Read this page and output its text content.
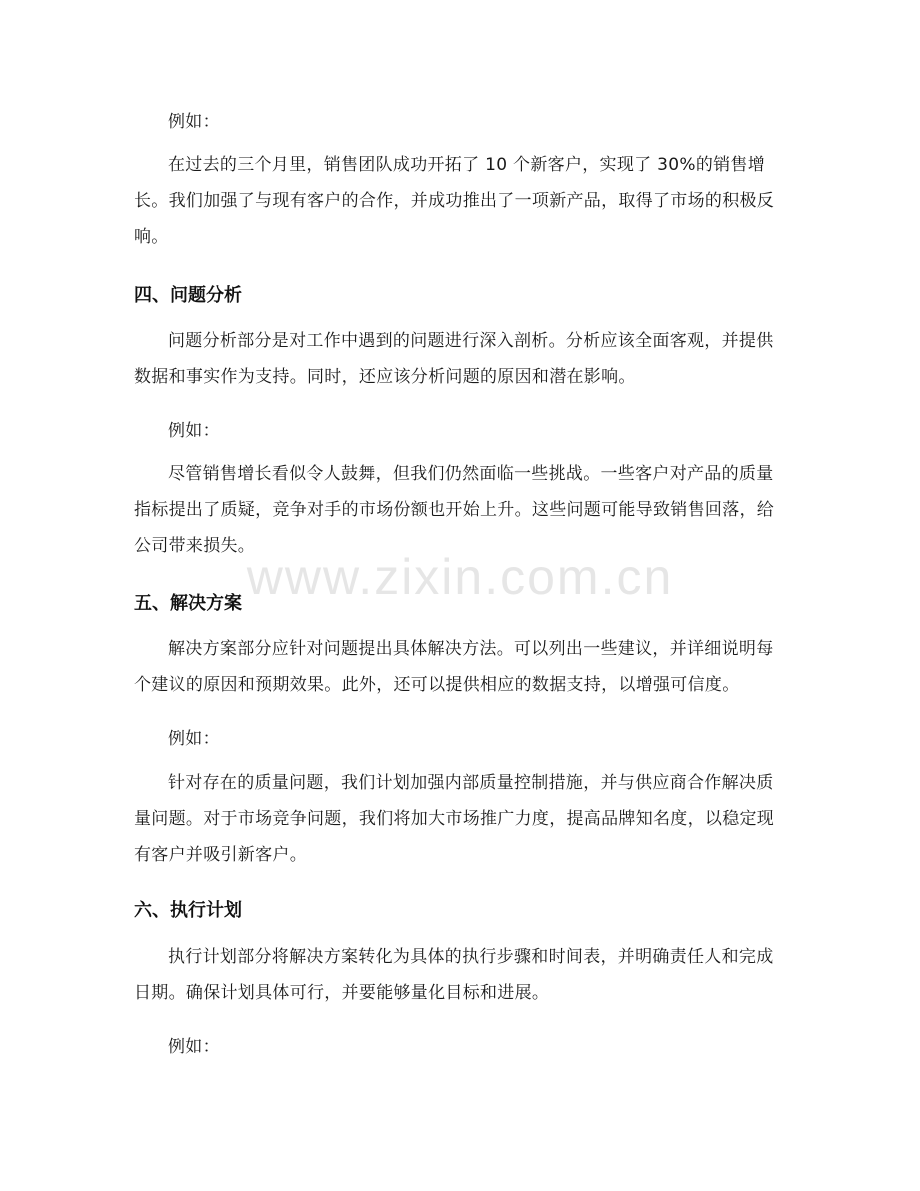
例如：

在过去的三个月里，销售团队成功开拓了 10 个新客户，实现了 30%的销售增长。我们加强了与现有客户的合作，并成功推出了一项新产品，取得了市场的积极反响。

四、问题分析

问题分析部分是对工作中遇到的问题进行深入剖析。分析应该全面客观，并提供数据和事实作为支持。同时，还应该分析问题的原因和潜在影响。

例如：

尽管销售增长看似令人鼓舞，但我们仍然面临一些挑战。一些客户对产品的质量指标提出了质疑，竞争对手的市场份额也开始上升。这些问题可能导致销售回落，给公司带来损失。

五、解决方案

解决方案部分应针对问题提出具体解决方法。可以列出一些建议，并详细说明每个建议的原因和预期效果。此外，还可以提供相应的数据支持，以增强可信度。

例如：

针对存在的质量问题，我们计划加强内部质量控制措施，并与供应商合作解决质量问题。对于市场竞争问题，我们将加大市场推广力度，提高品牌知名度，以稳定现有客户并吸引新客户。

六、执行计划

执行计划部分将解决方案转化为具体的执行步骤和时间表，并明确责任人和完成日期。确保计划具体可行，并要能够量化目标和进展。

例如：

www.zixin.com.cn
